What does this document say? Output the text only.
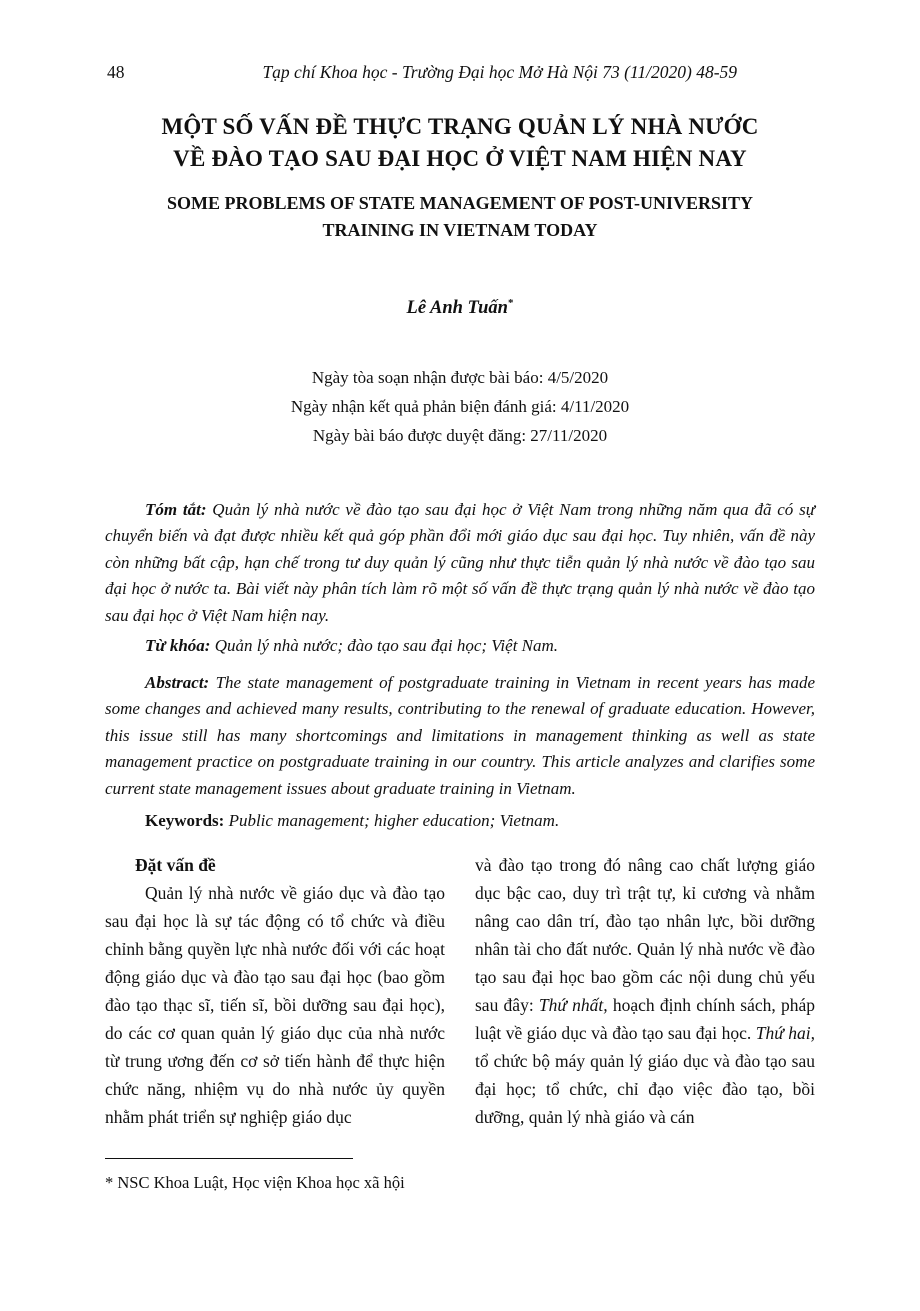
48	Tạp chí Khoa học - Trường Đại học Mở Hà Nội 73 (11/2020) 48-59
MỘT SỐ VẤN ĐỀ THỰC TRẠNG QUẢN LÝ NHÀ NƯỚC
VỀ ĐÀO TẠO SAU ĐẠI HỌC Ở VIỆT NAM HIỆN NAY
SOME PROBLEMS OF STATE MANAGEMENT OF POST-UNIVERSITY
TRAINING IN VIETNAM TODAY
Lê Anh Tuấn*
Ngày tòa soạn nhận được bài báo: 4/5/2020
Ngày nhận kết quả phản biện đánh giá: 4/11/2020
Ngày bài báo được duyệt đăng: 27/11/2020

Tóm tắt: Quản lý nhà nước về đào tạo sau đại học ở Việt Nam trong những năm qua đã có sự chuyển biến và đạt được nhiều kết quả góp phần đổi mới giáo dục sau đại học. Tuy nhiên, vấn đề này còn những bất cập, hạn chế trong tư duy quản lý cũng như thực tiễn quản lý nhà nước về đào tạo sau đại học ở nước ta. Bài viết này phân tích làm rõ một số vấn đề thực trạng quản lý nhà nước về đào tạo sau đại học ở Việt Nam hiện nay.

Từ khóa: Quản lý nhà nước; đào tạo sau đại học; Việt Nam.

Abstract: The state management of postgraduate training in Vietnam in recent years has made some changes and achieved many results, contributing to the renewal of graduate education. However, this issue still has many shortcomings and limitations in management thinking as well as state management practice on postgraduate training in our country. This article analyzes and clarifies some current state management issues about graduate training in Vietnam.

Keywords: Public management; higher education; Vietnam.

Đặt vấn đề

Quản lý nhà nước về giáo dục và đào tạo sau đại học là sự tác động có tổ chức và điều chỉnh bằng quyền lực nhà nước đối với các hoạt động giáo dục và đào tạo sau đại học (bao gồm đào tạo thạc sĩ, tiến sĩ, bồi dưỡng sau đại học), do các cơ quan quản lý giáo dục của nhà nước từ trung ương đến cơ sở tiến hành để thực hiện chức năng, nhiệm vụ do nhà nước ủy quyền nhằm phát triển sự nghiệp giáo dục

và đào tạo trong đó nâng cao chất lượng giáo dục bậc cao, duy trì trật tự, kỉ cương và nhằm nâng cao dân trí, đào tạo nhân lực, bồi dưỡng nhân tài cho đất nước. Quản lý nhà nước về đào tạo sau đại học bao gồm các nội dung chủ yếu sau đây: Thứ nhất, hoạch định chính sách, pháp luật về giáo dục và đào tạo sau đại học. Thứ hai, tổ chức bộ máy quản lý giáo dục và đào tạo sau đại học; tổ chức, chỉ đạo việc đào tạo, bồi dưỡng, quản lý nhà giáo và cán

* NSC Khoa Luật, Học viện Khoa học xã hội
